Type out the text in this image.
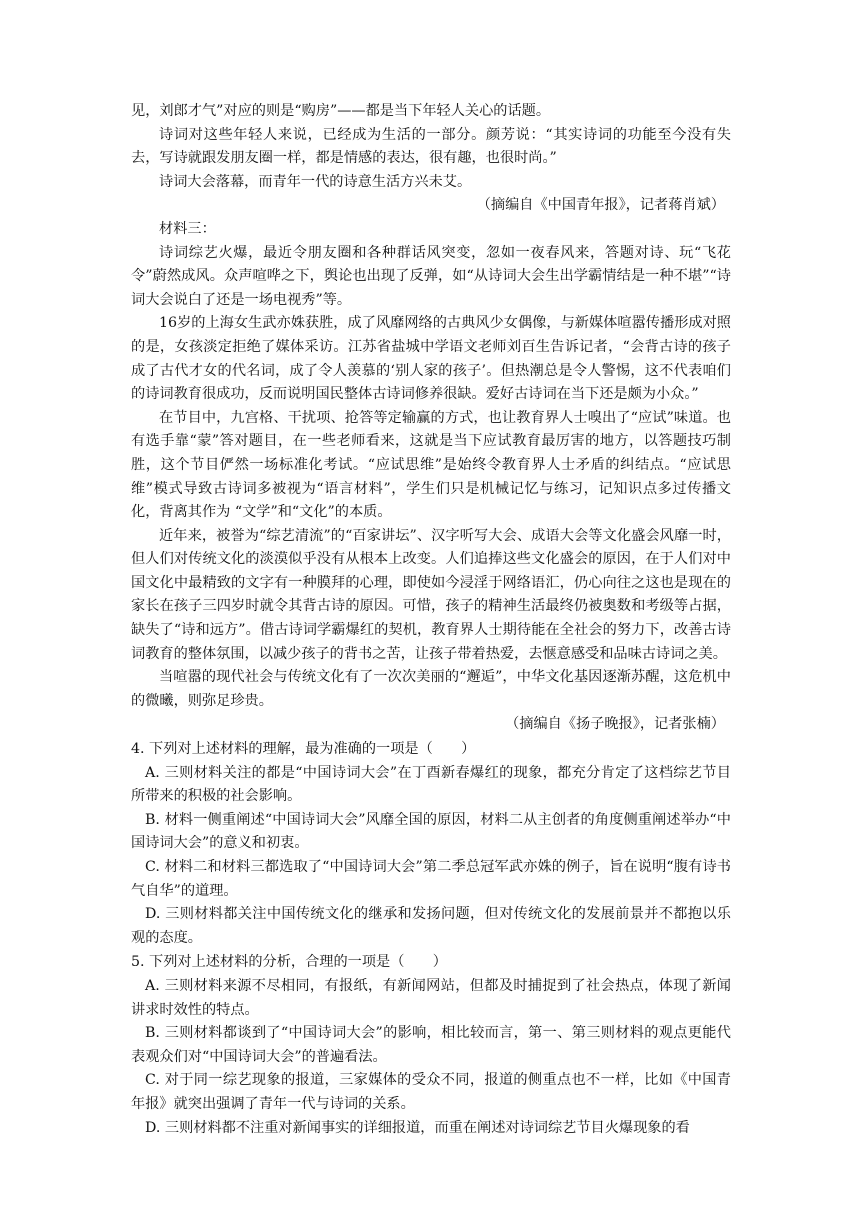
见，刘郎才气”对应的则是“购房”——都是当下年轻人关心的话题。

诗词对这些年轻人来说，已经成为生活的一部分。颜芳说：“其实诗词的功能至今没有失去，写诗就跟发朋友圈一样，都是情感的表达，很有趣，也很时尚。”

诗词大会落幕，而青年一代的诗意生活方兴未艾。

（摘编自《中国青年报》，记者蒋肖斌）

材料三：

诗词综艺火爆，最近令朋友圈和各种群话风突变，忽如一夜春风来，答题对诗、玩“飞花令”蔚然成风。众声喧哗之下，舆论也出现了反弹，如“从诗词大会生出学霸情结是一种不堪”“诗词大会说白了还是一场电视秀”等。

16岁的上海女生武亦姝获胜，成了风靡网络的古典风少女偶像，与新媒体喧嚣传播形成对照的是，女孩淡定拒绝了媒体采访。江苏省盐城中学语文老师刘百生告诉记者，“会背古诗的孩子成了古代才女的代名词，成了令人羡慕的‘别人家的孩子’。但热潮总是令人警惕，这不代表咱们的诗词教育很成功，反而说明国民整体古诗词修养很缺。爱好古诗词在当下还是颇为小众。”

在节目中，九宫格、干扰项、抢答等定输赢的方式，也让教育界人士嗅出了“应试”味道。也有选手靠“蒙”答对题目，在一些老师看来，这就是当下应试教育最厉害的地方，以答题技巧制胜，这个节目俨然一场标准化考试。“应试思维”是始终令教育界人士矛盾的纠结点。“应试思维”模式导致古诗词多被视为“语言材料”，学生们只是机械记忆与练习，记知识点多过传播文化，背离其作为 “文学”和“文化”的本质。

近年来，被誉为“综艺清流”的“百家讲坛”、汉字听写大会、成语大会等文化盛会风靡一时，但人们对传统文化的淡漠似乎没有从根本上改变。人们追捧这些文化盛会的原因，在于人们对中国文化中最精致的文字有一种膜拜的心理，即使如今浸淫于网络语汇，仍心向往之这也是现在的家长在孩子三四岁时就令其背古诗的原因。可惜，孩子的精神生活最终仍被奥数和考级等占据，缺失了“诗和远方”。借古诗词学霸爆红的契机，教育界人士期待能在全社会的努力下，改善古诗词教育的整体氛围，以减少孩子的背书之苦，让孩子带着热爱，去惬意感受和品味古诗词之美。

当喧嚣的现代社会与传统文化有了一次次美丽的“邂逅”，中华文化基因逐渐苏醒，这危机中的微曦，则弥足珍贵。

（摘编自《扬子晚报》，记者张楠）

4. 下列对上述材料的理解，最为准确的一项是（　　）

A. 三则材料关注的都是“中国诗词大会”在丁酉新春爆红的现象，都充分肯定了这档综艺节目所带来的积极的社会影响。

B. 材料一侧重阐述“中国诗词大会”风靡全国的原因，材料二从主创者的角度侧重阐述举办“中国诗词大会”的意义和初衷。

C. 材料二和材料三都选取了“中国诗词大会”第二季总冠军武亦姝的例子，旨在说明“腹有诗书气自华”的道理。

D. 三则材料都关注中国传统文化的继承和发扬问题，但对传统文化的发展前景并不都抱以乐观的态度。

5. 下列对上述材料的分析，合理的一项是（　　）

A. 三则材料来源不尽相同，有报纸，有新闻网站，但都及时捕捉到了社会热点，体现了新闻讲求时效性的特点。

B. 三则材料都谈到了“中国诗词大会”的影响，相比较而言，第一、第三则材料的观点更能代表观众们对“中国诗词大会”的普遍看法。

C. 对于同一综艺现象的报道，三家媒体的受众不同，报道的侧重点也不一样，比如《中国青年报》就突出强调了青年一代与诗词的关系。

D. 三则材料都不注重对新闻事实的详细报道，而重在阐述对诗词综艺节目火爆现象的看
